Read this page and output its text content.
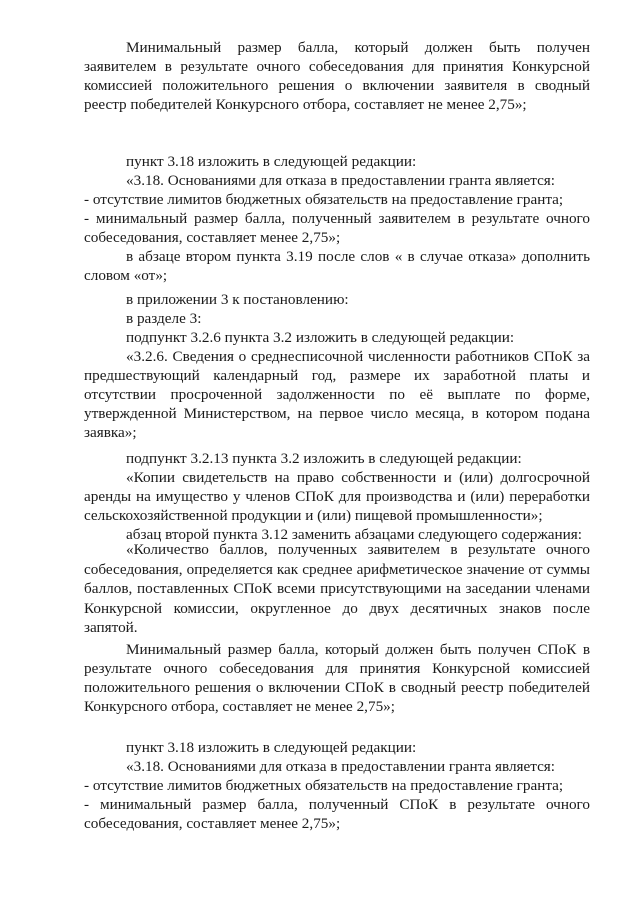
Минимальный размер балла, который должен быть получен заявителем в результате очного собеседования для принятия Конкурсной комиссией положительного решения о включении заявителя в сводный реестр победителей Конкурсного отбора, составляет не менее 2,75»;

пункт 3.18 изложить в следующей редакции:

«3.18. Основаниями для отказа в предоставлении гранта является:

- отсутствие лимитов бюджетных обязательств на предоставление гранта;

- минимальный размер балла, полученный заявителем в результате очного собеседования, составляет менее 2,75»;

в абзаце втором пункта 3.19 после слов « в случае отказа» дополнить словом «от»;

в приложении 3 к постановлению:

в разделе 3:

подпункт 3.2.6 пункта 3.2 изложить в следующей редакции:

«3.2.6. Сведения о среднесписочной численности работников СПоК за предшествующий календарный год, размере их заработной платы и отсутствии просроченной задолженности по её выплате по форме, утвержденной Министерством, на первое число месяца, в котором подана заявка»;

подпункт 3.2.13 пункта 3.2 изложить в следующей редакции:

«Копии свидетельств на право собственности и (или) долгосрочной аренды на имущество у членов СПоК для производства и (или) переработки сельскохозяйственной продукции и (или) пищевой промышленности»;

абзац второй пункта 3.12 заменить абзацами следующего содержания:

«Количество баллов, полученных заявителем в результате очного собеседования, определяется как среднее арифметическое значение от суммы баллов, поставленных СПоК всеми присутствующими на заседании членами Конкурсной комиссии, округленное до двух десятичных знаков после запятой.

Минимальный размер балла, который должен быть получен СПоК в результате очного собеседования для принятия Конкурсной комиссией положительного решения о включении СПоК в сводный реестр победителей Конкурсного отбора, составляет не менее 2,75»;

пункт 3.18 изложить в следующей редакции:

«3.18. Основаниями для отказа в предоставлении гранта является:

- отсутствие лимитов бюджетных обязательств на предоставление гранта;

- минимальный размер балла, полученный СПоК в результате очного собеседования, составляет менее 2,75»;
